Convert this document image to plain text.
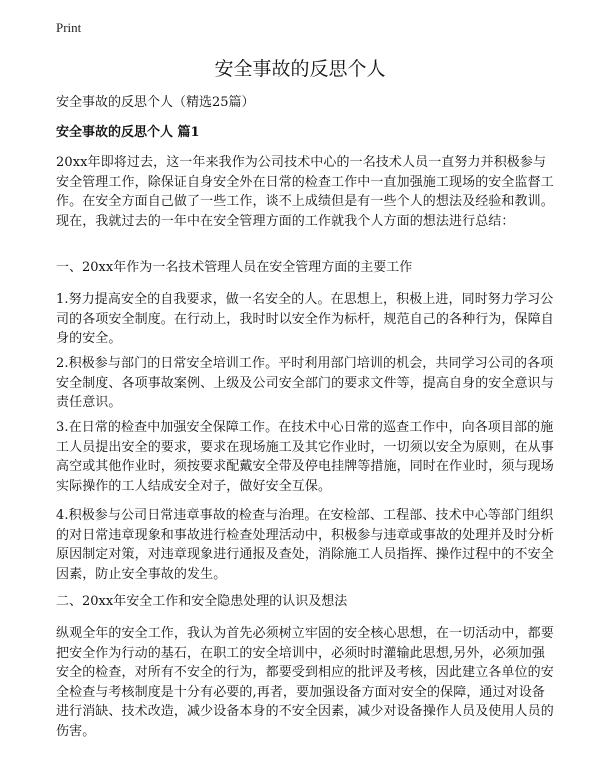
Print
安全事故的反思个人

安全事故的反思个人（精选25篇）

安全事故的反思个人 篇1

20xx年即将过去，这一年来我作为公司技术中心的一名技术人员一直努力并积极参与安全管理工作，除保证自身安全外在日常的检查工作中一直加强施工现场的安全监督工作。在安全方面自己做了一些工作，谈不上成绩但是有一些个人的想法及经验和教训。现在，我就过去的一年中在安全管理方面的工作就我个人方面的想法进行总结：

一、20xx年作为一名技术管理人员在安全管理方面的主要工作

1.努力提高安全的自我要求，做一名安全的人。在思想上，积极上进，同时努力学习公司的各项安全制度。在行动上，我时时以安全作为标杆，规范自己的各种行为，保障自身的安全。

2.积极参与部门的日常安全培训工作。平时利用部门培训的机会，共同学习公司的各项安全制度、各项事故案例、上级及公司安全部门的要求文件等，提高自身的安全意识与责任意识。

3.在日常的检查中加强安全保障工作。在技术中心日常的巡查工作中，向各项目部的施工人员提出安全的要求，要求在现场施工及其它作业时，一切须以安全为原则，在从事高空或其他作业时，须按要求配戴安全带及停电挂牌等措施，同时在作业时，须与现场实际操作的工人结成安全对子，做好安全互保。

4.积极参与公司日常违章事故的检查与治理。在安检部、工程部、技术中心等部门组织的对日常违章现象和事故进行检查处理活动中，积极参与违章或事故的处理并及时分析原因制定对策，对违章现象进行通报及查处，消除施工人员指挥、操作过程中的不安全因素，防止安全事故的发生。

二、20xx年安全工作和安全隐患处理的认识及想法

纵观全年的安全工作，我认为首先必须树立牢固的安全核心思想，在一切活动中，都要把安全作为行动的基石，在职工的安全培训中，必须时时灌输此思想,另外，必须加强安全的检查，对所有不安全的行为，都要受到相应的批评及考核，因此建立各单位的安全检查与考核制度是十分有必要的,再者，要加强设备方面对安全的保障，通过对设备进行消缺、技术改造，减少设备本身的不安全因素，减少对设备操作人员及使用人员的伤害。
